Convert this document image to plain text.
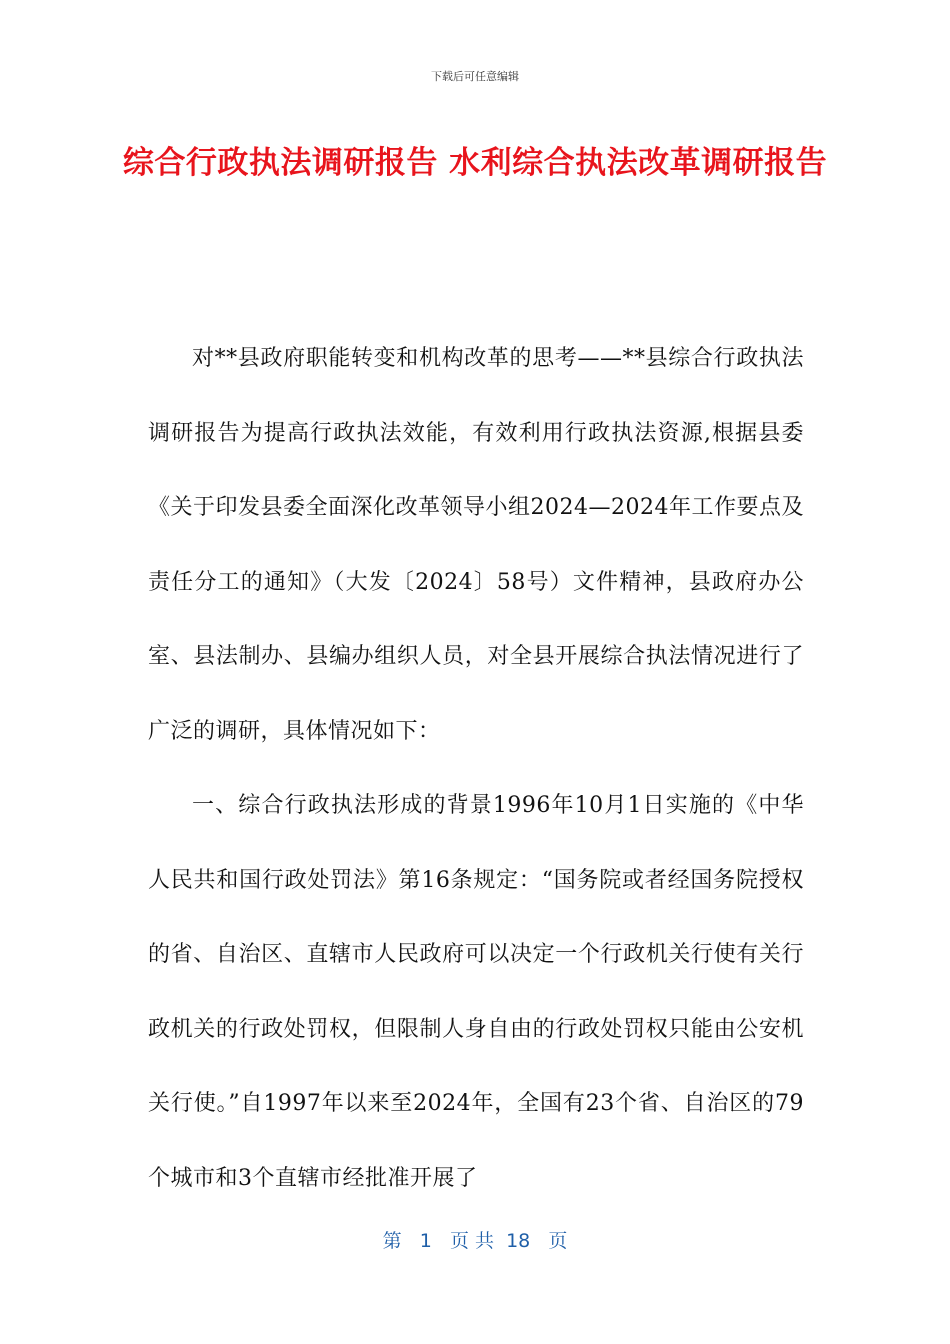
下载后可任意编辑
综合行政执法调研报告 水利综合执法改革调研报告

对**县政府职能转变和机构改革的思考——**县综合行政执法调研报告为提高行政执法效能，有效利用行政执法资源,根据县委《关于印发县委全面深化改革领导小组2024—2024年工作要点及责任分工的通知》（大发〔2024〕58号）文件精神，县政府办公室、县法制办、县编办组织人员，对全县开展综合执法情况进行了广泛的调研，具体情况如下：

一、综合行政执法形成的背景1996年10月1日实施的《中华人民共和国行政处罚法》第16条规定：“国务院或者经国务院授权的省、自治区、直辖市人民政府可以决定一个行政机关行使有关行政机关的行政处罚权，但限制人身自由的行政处罚权只能由公安机关行使。”自1997年以来至2024年，全国有23个省、自治区的79个城市和3个直辖市经批准开展了

第 1 页 共 18 页
